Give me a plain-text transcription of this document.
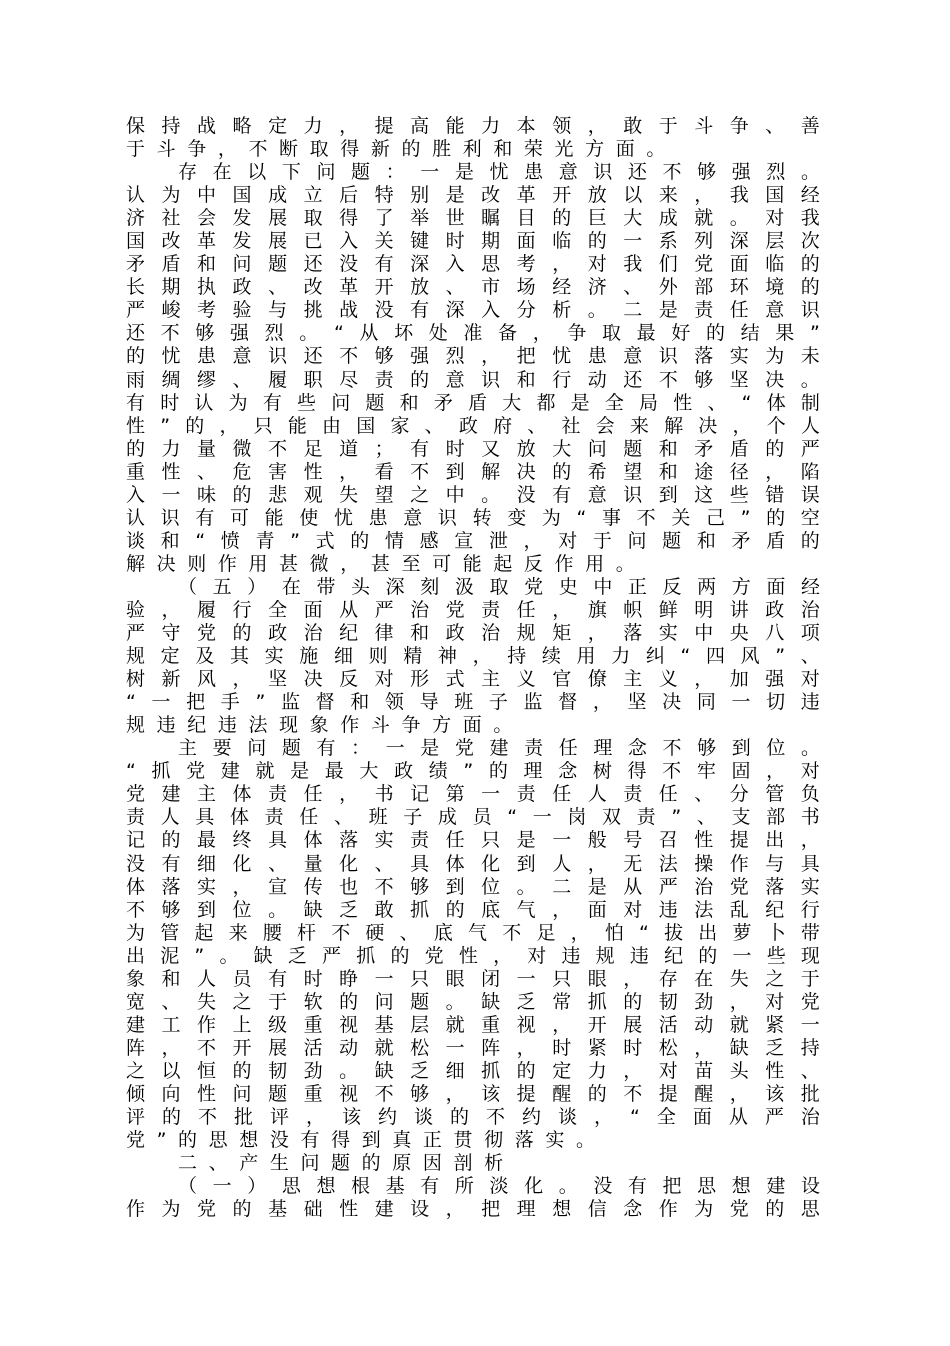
保 持 战 略 定 力 ， 提 高 能 力 本 领 ， 敢 于 斗 争 、 善
于 斗 争 ， 不 断 取 得 新 的 胜 利 和 荣 光 方 面 。
存 在 以 下 问 题 ： 一 是 忧 患 意 识 还 不 够 强 烈 。
认 为 中 国 成 立 后 特 别 是 改 革 开 放 以 来 ， 我 国 经
济 社 会 发 展 取 得 了 举 世 瞩 目 的 巨 大 成 就 。 对 我
国 改 革 发 展 已 入 关 键 时 期 面 临 的 一 系 列 深 层 次
矛 盾 和 问 题 还 没 有 深 入 思 考 ， 对 我 们 党 面 临 的
长 期 执 政 、 改 革 开 放 、 市 场 经 济 、 外 部 环 境 的
严 峻 考 验 与 挑 战 没 有 深 入 分 析 。 二 是 责 任 意 识
还 不 够 强 烈 。 “ 从 坏 处 准 备 ， 争 取 最 好 的 结 果 ”
的 忧 患 意 识 还 不 够 强 烈 ， 把 忧 患 意 识 落 实 为 未
雨 绸 缪 、 履 职 尽 责 的 意 识 和 行 动 还 不 够 坚 决 。
有 时 认 为 有 些 问 题 和 矛 盾 大 都 是 全 局 性 、 “ 体 制
性 ” 的 ， 只 能 由 国 家 、 政 府 、 社 会 来 解 决 ， 个 人
的 力 量 微 不 足 道 ； 有 时 又 放 大 问 题 和 矛 盾 的 严
重 性 、 危 害 性 ， 看 不 到 解 决 的 希 望 和 途 径 ， 陷
入 一 味 的 悲 观 失 望 之 中 。 没 有 意 识 到 这 些 错 误
认 识 有 可 能 使 忧 患 意 识 转 变 为 “ 事 不 关 己 ” 的 空
谈 和 “ 愤 青 ” 式 的 情 感 宣 泄 ， 对 于 问 题 和 矛 盾 的
解 决 则 作 用 甚 微 ， 甚 至 可 能 起 反 作 用 。
（ 五 ） 在 带 头 深 刻 汲 取 党 史 中 正 反 两 方 面 经
验 ， 履 行 全 面 从 严 治 党 责 任 ， 旗 帜 鲜 明 讲 政 治
严 守 党 的 政 治 纪 律 和 政 治 规 矩 ， 落 实 中 央 八 项
规 定 及 其 实 施 细 则 精 神 ， 持 续 用 力 纠 “ 四 风 ” 、
树 新 风 ， 坚 决 反 对 形 式 主 义 官 僚 主 义 ， 加 强 对
“ 一 把 手 ” 监 督 和 领 导 班 子 监 督 ， 坚 决 同 一 切 违
规 违 纪 违 法 现 象 作 斗 争 方 面 。
主 要 问 题 有 ： 一 是 党 建 责 任 理 念 不 够 到 位 。
“ 抓 党 建 就 是 最 大 政 绩 ” 的 理 念 树 得 不 牢 固 ， 对
党 建 主 体 责 任 ， 书 记 第 一 责 任 人 责 任 、 分 管 负
责 人 具 体 责 任 、 班 子 成 员 “ 一 岗 双 责 ” 、 支 部 书
记 的 最 终 具 体 落 实 责 任 只 是 一 般 号 召 性 提 出 ，
没 有 细 化 、 量 化 、 具 体 化 到 人 ， 无 法 操 作 与 具
体 落 实 ， 宣 传 也 不 够 到 位 。 二 是 从 严 治 党 落 实
不 够 到 位 。 缺 乏 敢 抓 的 底 气 ， 面 对 违 法 乱 纪 行
为 管 起 来 腰 杆 不 硬 、 底 气 不 足 ， 怕 “ 拔 出 萝 卜 带
出 泥 ” 。 缺 乏 严 抓 的 党 性 ， 对 违 规 违 纪 的 一 些 现
象 和 人 员 有 时 睁 一 只 眼 闭 一 只 眼 ， 存 在 失 之 于
宽 、 失 之 于 软 的 问 题 。 缺 乏 常 抓 的 韧 劲 ， 对 党
建 工 作 上 级 重 视 基 层 就 重 视 ， 开 展 活 动 就 紧 一
阵 ， 不 开 展 活 动 就 松 一 阵 ， 时 紧 时 松 ， 缺 乏 持
之 以 恒 的 韧 劲 。 缺 乏 细 抓 的 定 力 ， 对 苗 头 性 、
倾 向 性 问 题 重 视 不 够 ， 该 提 醒 的 不 提 醒 ， 该 批
评 的 不 批 评 ， 该 约 谈 的 不 约 谈 ， “ 全 面 从 严 治
党 ” 的 思 想 没 有 得 到 真 正 贯 彻 落 实 。
二 、 产 生 问 题 的 原 因 剖 析
（ 一 ） 思 想 根 基 有 所 淡 化 。 没 有 把 思 想 建 设
作 为 党 的 基 础 性 建 设 ， 把 理 想 信 念 作 为 党 的 思
